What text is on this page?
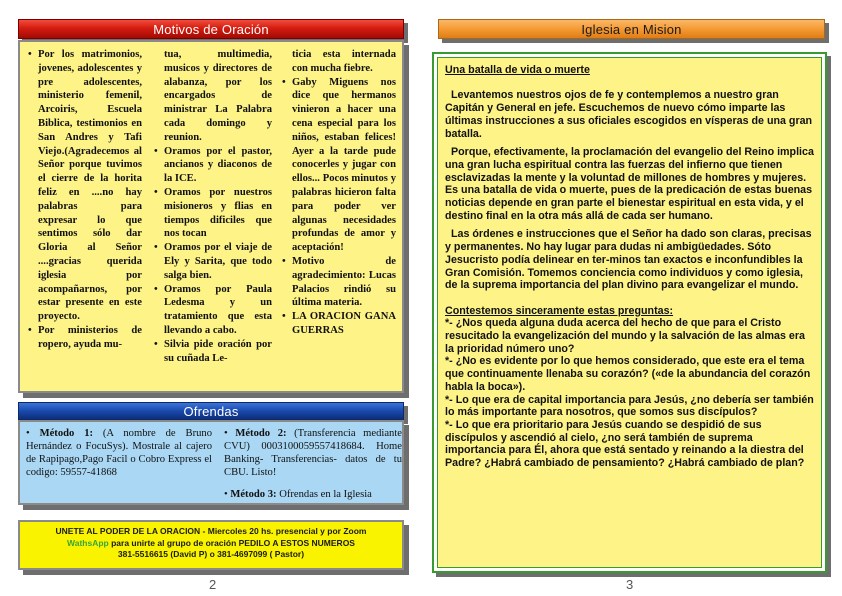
Motivos de Oración

• Por los matrimonios, jovenes, adolescentes y pre adolescentes, ministerio femenil, Arcoiris, Escuela Biblica, testimonios en San Andres y Tafi Viejo.(Agradecemos al Señor porque tuvimos el cierre de la horita feliz en ....no hay palabras para expresar lo que sentimos sólo dar Gloria al Señor ....gracias querida iglesia por acompañarnos, por estar presente en este proyecto.

• Por ministerios de ropero, ayuda mu-

tua, multimedia, musicos y directores de alabanza, por los encargados de ministrar La Palabra cada domingo y reunion.

• Oramos por el pastor, ancianos y diaconos de la ICE.

• Oramos por nuestros misioneros y flias en tiempos dificiles que nos tocan

• Oramos por el viaje de Ely y Sarita, que todo salga bien.

• Oramos por Paula Ledesma y un tratamiento que esta llevando a cabo.

• Silvia pide oración por su cuñada Le-

ticia esta internada con mucha fiebre.

• Gaby Miguens nos dice que hermanos vinieron a hacer una cena especial para los niños, estaban felices! Ayer a la tarde pude conocerles y jugar con ellos... Pocos minutos y palabras hicieron falta para poder ver algunas necesidades profundas de amor y aceptación!

• Motivo de agradecimiento: Lucas Palacios rindió su última materia.

• LA ORACION GANA GUERRAS

Ofrendas
• Método 1: (A nombre de Bruno Hernández o FocuSys). Mostrale al cajero de Rapipago,Pago Facil o Cobro Express el codigo: 59557-41868
• Método 2: (Transferencia mediante CVU) 0003100059557418684. Home Banking- Transferencias- datos de tu CBU. Listo!
• Método 3: Ofrendas en la Iglesia
UNETE AL PODER DE LA ORACION - Miercoles 20 hs. presencial y por Zoom
WathsApp para unirte al grupo de oración PEDILO A ESTOS NUMEROS
381-5516615 (David P) o 381-4697099 ( Pastor)
2
Iglesia en Mision

Una batalla de vida o muerte

Levantemos nuestros ojos de fe y contemplemos a nuestro gran Capitán y General en jefe. Escuchemos de nuevo cómo imparte las últimas instrucciones a sus oficiales escogidos en vísperas de una gran batalla.

Porque, efectivamente, la proclamación del evangelio del Reino implica una gran lucha espiritual contra las fuerzas del infierno que tienen esclavizadas la mente y la voluntad de millones de hombres y mujeres. Es una batalla de vida o muerte, pues de la predicación de estas buenas noticias depende en gran parte el bienestar espiritual en esta vida, y el destino final en la otra más allá de cada ser humano.

Las órdenes e instrucciones que el Señor ha dado son claras, precisas y permanentes. No hay lugar para dudas ni ambigüedades. Sóto Jesucristo podía delinear en ter-minos tan exactos e inconfundibles la Gran Comisión. Tomemos conciencia como individuos y como iglesia, de la suprema importancia del plan divino para evangelizar el mundo.

Contestemos sinceramente estas preguntas:

*- ¿Nos queda alguna duda acerca del hecho de que para el Cristo resucitado la evangelización del mundo y la salvación de las almas era la prioridad número uno?

*- ¿No es evidente por lo que hemos considerado, que este era el tema que continuamente llenaba su corazón? («de la abundancia del corazón habla la boca»).

*- Lo que era de capital importancia para Jesús, ¿no debería ser también lo más importante para nosotros, que somos sus discípulos?

*- Lo que era prioritario para Jesús cuando se despidió de sus discípulos y ascendió al cielo, ¿no será también de suprema importancia para Él, ahora que está sentado y reinando a la diestra del Padre? ¿Habrá cambiado de pensamiento? ¿Habrá cambiado de plan?

3
